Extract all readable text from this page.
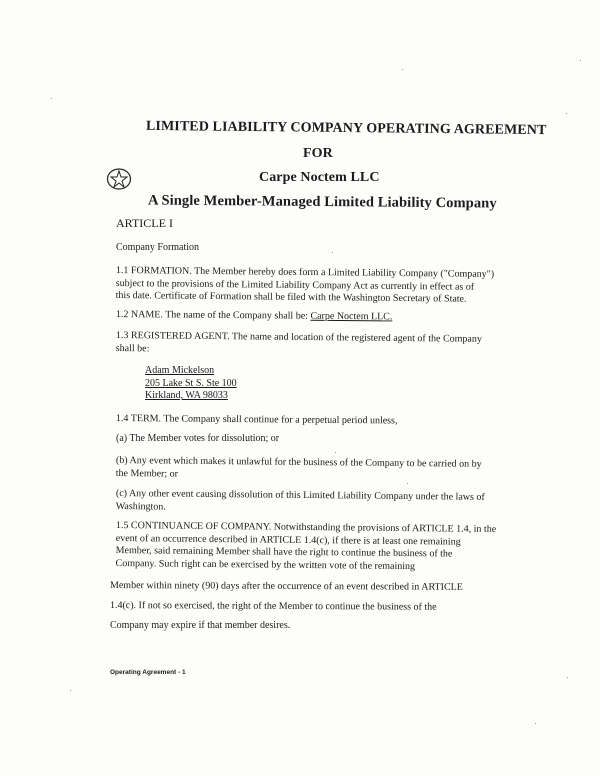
LIMITED LIABILITY COMPANY OPERATING AGREEMENT
FOR
Carpe Noctem LLC
A Single Member-Managed Limited Liability Company
ARTICLE I
Company Formation
1.1 FORMATION. The Member hereby does form a Limited Liability Company ("Company")
subject to the provisions of the Limited Liability Company Act as currently in effect as of
this date. Certificate of Formation shall be filed with the Washington Secretary of State.
1.2 NAME. The name of the Company shall be: Carpe Noctem LLC.
1.3 REGISTERED AGENT. The name and location of the registered agent of the Company
shall be:
Adam Mickelson
205 Lake St S. Ste 100
Kirkland, WA 98033
1.4 TERM. The Company shall continue for a perpetual period unless,
(a) The Member votes for dissolution; or
(b) Any event which makes it unlawful for the business of the Company to be carried on by
the Member; or
(c) Any other event causing dissolution of this Limited Liability Company under the laws of
Washington.
1.5 CONTINUANCE OF COMPANY. Notwithstanding the provisions of ARTICLE 1.4, in the
event of an occurrence described in ARTICLE 1.4(c), if there is at least one remaining
Member, said remaining Member shall have the right to continue the business of the
Company. Such right can be exercised by the written vote of the remaining
Member within ninety (90) days after the occurrence of an event described in ARTICLE
1.4(c). If not so exercised, the right of the Member to continue the business of the
Company may expire if that member desires.
Operating Agreement - 1
